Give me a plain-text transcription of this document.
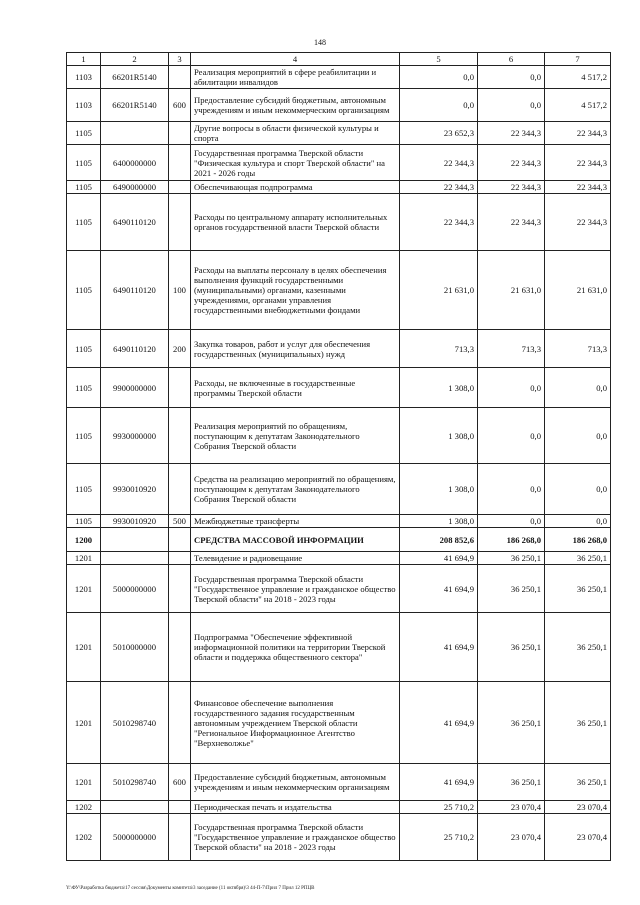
148
1	2	3	4	5	6	7
1103	66201R5140		Реализация мероприятий в сфере реабилитации и абилитации инвалидов	0,0	0,0	4 517,2
1103	66201R5140	600	Предоставление субсидий бюджетным, автономным учреждениям и иным некоммерческим организациям	0,0	0,0	4 517,2
1105			Другие вопросы в области физической культуры и спорта	23 652,3	22 344,3	22 344,3
1105	6400000000		Государственная программа Тверской области "Физическая культура и спорт Тверской области" на 2021 - 2026 годы	22 344,3	22 344,3	22 344,3
1105	6490000000		Обеспечивающая подпрограмма	22 344,3	22 344,3	22 344,3
1105	6490110120		Расходы по центральному аппарату исполнительных органов государственной власти Тверской области	22 344,3	22 344,3	22 344,3
1105	6490110120	100	Расходы на выплаты персоналу в целях обеспечения выполнения функций государственными (муниципальными) органами, казенными учреждениями, органами управления государственными внебюджетными фондами	21 631,0	21 631,0	21 631,0
1105	6490110120	200	Закупка товаров, работ и услуг для обеспечения государственных (муниципальных) нужд	713,3	713,3	713,3
1105	9900000000		Расходы, не включенные в государственные программы Тверской области	1 308,0	0,0	0,0
1105	9930000000		Реализация мероприятий по обращениям, поступающим к депутатам Законодательного Собрания Тверской области	1 308,0	0,0	0,0
1105	9930010920		Средства на реализацию мероприятий по обращениям, поступающим к депутатам Законодательного Собрания Тверской области	1 308,0	0,0	0,0
1105	9930010920	500	Межбюджетные трансферты	1 308,0	0,0	0,0
1200			СРЕДСТВА МАССОВОЙ ИНФОРМАЦИИ	208 852,6	186 268,0	186 268,0
1201			Телевидение и радиовещание	41 694,9	36 250,1	36 250,1
1201	5000000000		Государственная программа Тверской области "Государственное управление и гражданское общество Тверской области" на 2018 - 2023 годы	41 694,9	36 250,1	36 250,1
1201	5010000000		Подпрограмма "Обеспечение эффективной информационной политики на территории Тверской области и поддержка общественного сектора"	41 694,9	36 250,1	36 250,1
1201	5010298740		Финансовое обеспечение выполнения государственного задания государственным автономным учреждением Тверской области "Региональное Информационное Агентство "Верхневолжье"	41 694,9	36 250,1	36 250,1
1201	5010298740	600	Предоставление субсидий бюджетным, автономным учреждениям и иным некоммерческим организациям	41 694,9	36 250,1	36 250,1
1202			Периодическая печать и издательства	25 710,2	23 070,4	23 070,4
1202	5000000000		Государственная программа Тверской области "Государственное управление и гражданское общество Тверской области" на 2018 - 2023 годы	25 710,2	23 070,4	23 070,4
Y:\ФУ\Разработка бюджета\17 сессия\Документы комитета\3 заседание (11 октября)\3 44-П-7\Прил 7 Прил 12 РПЦВ
